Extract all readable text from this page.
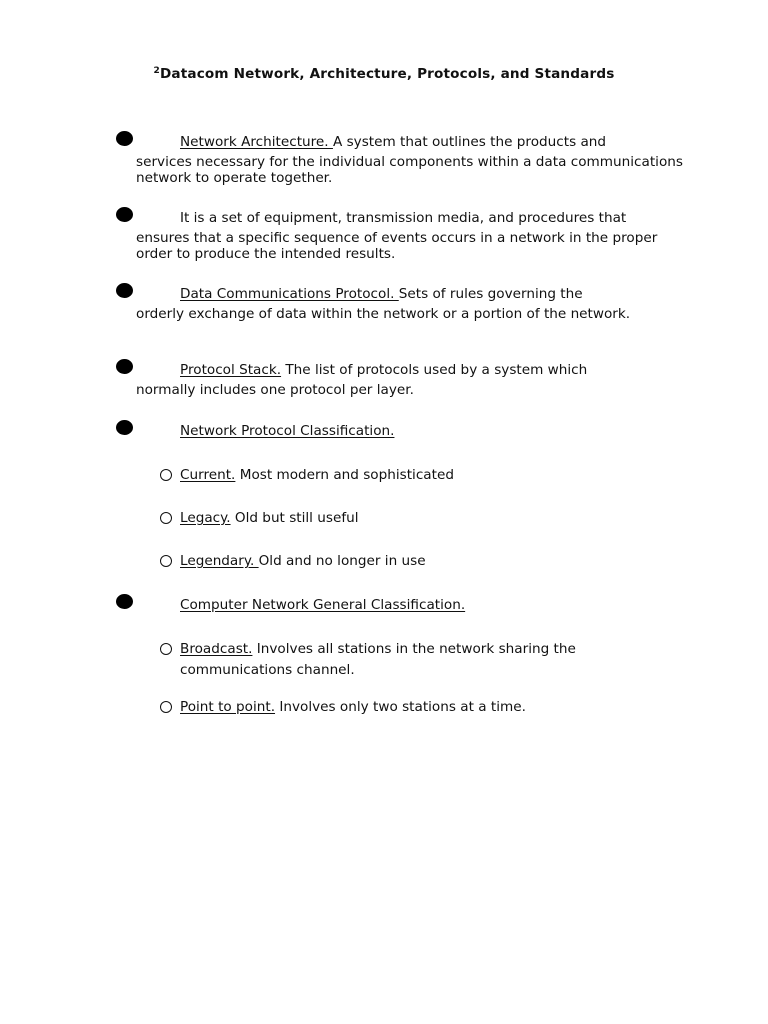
$^2$Datacom Network, Architecture, Protocols, and Standards

Network Architecture. A system that outlines the products and

services necessary for the individual components within a data communications network to operate together.

It is a set of equipment, transmission media, and procedures that

ensures that a specific sequence of events occurs in a network in the proper order to produce the intended results.

Data Communications Protocol. Sets of rules governing the

orderly exchange of data within the network or a portion of the network.

Protocol Stack. The list of protocols used by a system which

normally includes one protocol per layer.

Network Protocol Classification.

Current. Most modern and sophisticated
Legacy. Old but still useful
Legendary. Old and no longer in use

Computer Network General Classification.

Broadcast. Involves all stations in the network sharing the communications channel.
Point to point. Involves only two stations at a time.
